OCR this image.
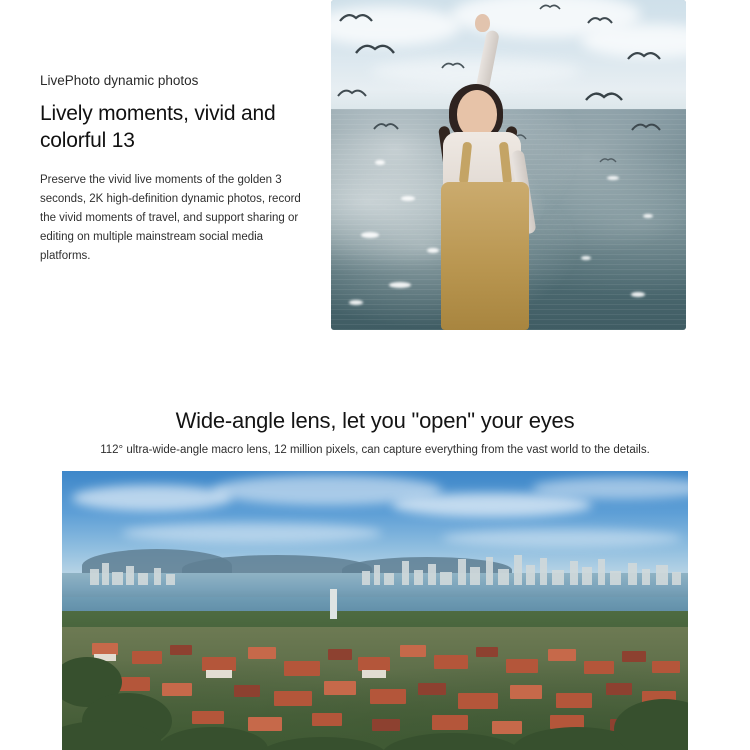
LivePhoto dynamic photos

Lively moments, vivid and colorful 13

Preserve the vivid live moments of the golden 3 seconds, 2K high-definition dynamic photos, record the vivid moments of travel, and support sharing or editing on multiple mainstream social media platforms.

Wide-angle lens, let you "open" your eyes

112° ultra-wide-angle macro lens, 12 million pixels, can capture everything from the vast world to the details.
